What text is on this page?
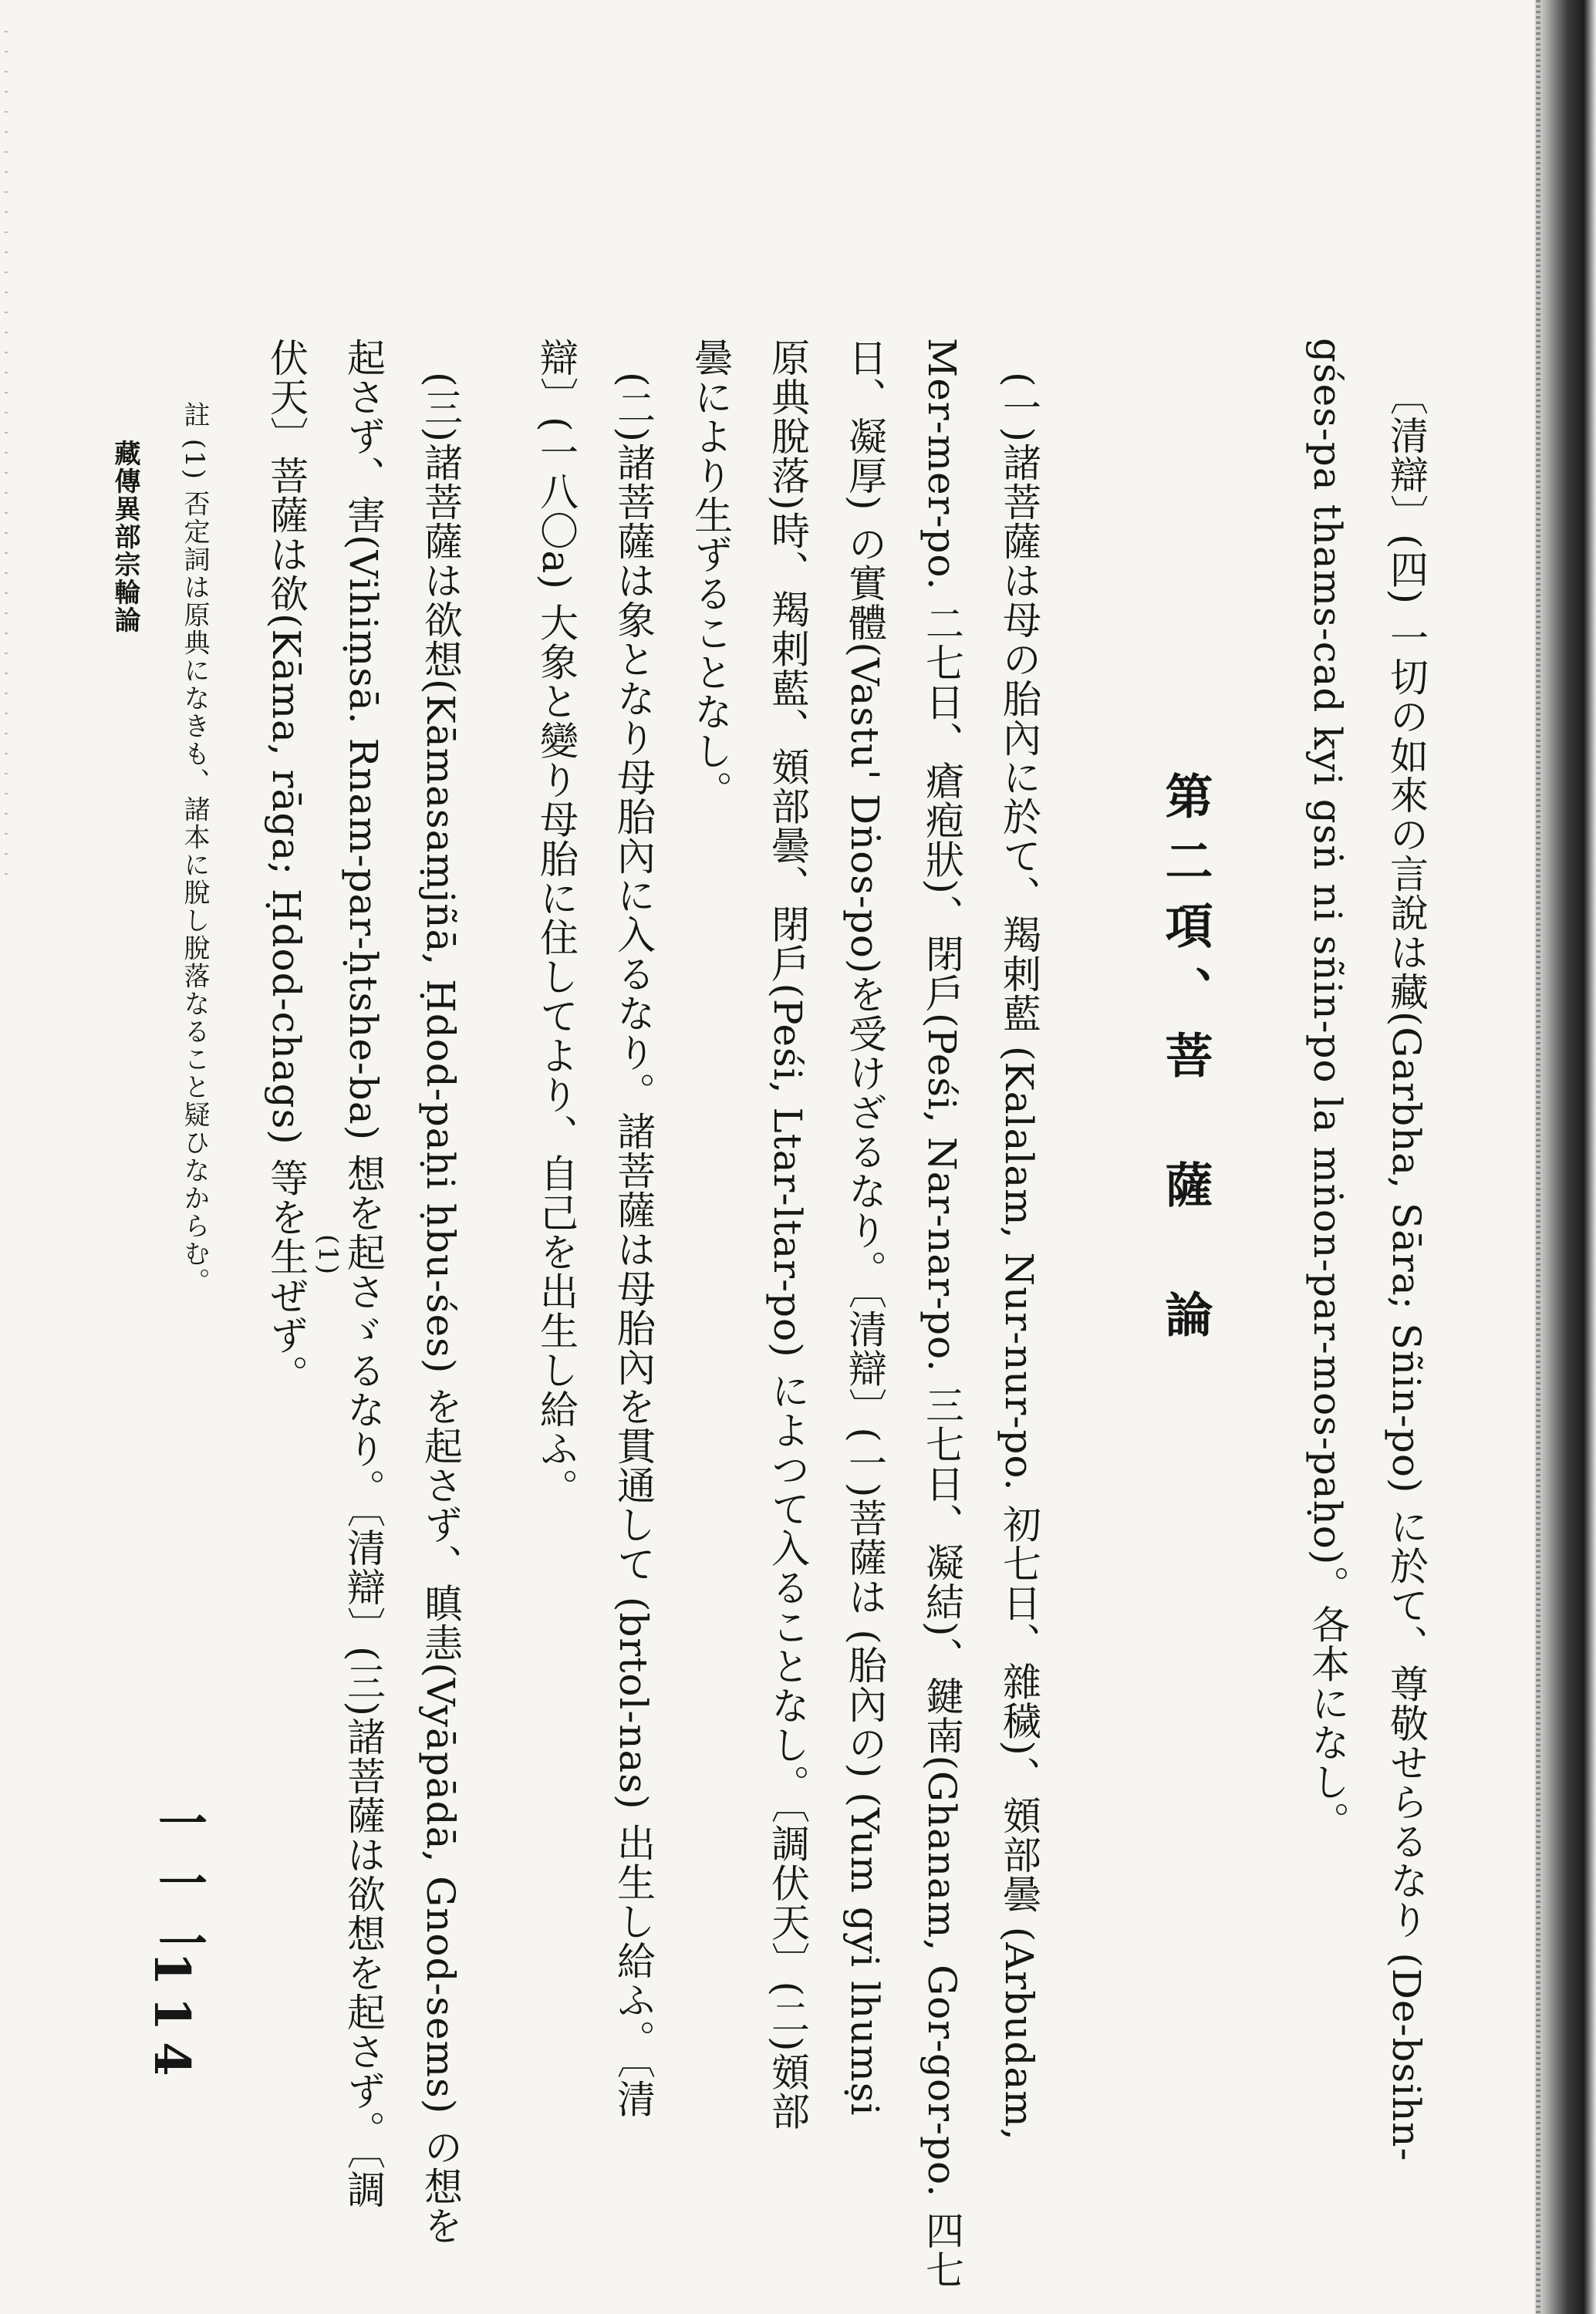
〔清辯〕(四) 一切の如來の言說は藏(Garbha, Sāra; Sñin-po) に於て、尊敬せらるなり (De-bsihn-
gśes-pa thams-cad kyi gsṅ ni sñin-po la mṅon-par-mos-paḥo)。各本になし。
第二項、菩　薩　論
(一)諸菩薩は母の胎內に於て、羯剌藍 (Kalalam, Nur-nur-po. 初七日、雜穢)、頞部曇 (Arbudam,
Mer-mer-po. 二七日、瘡疱狀)、閉戶(Peśi, Nar-nar-po. 三七日、凝結)、鍵南(Ghanam, Gor-gor-po. 四七
日、凝厚) の實體(Vastu' Dṅos-po)を受けざるなり。〔清辯〕(一)菩薩は (胎內の) (Yum gyi lhumṣi
原典脫落)時、羯剌藍、頞部曇、閉戶(Peśi, Ltar-ltar-po) によつて入ることなし。〔調伏天〕(二)頞部
曇により生ずることなし。
(二)諸菩薩は象となり母胎內に入るなり。諸菩薩は母胎內を貫通して (brtol-nas) 出生し給ふ。〔清
辯〕(一八〇a) 大象と變り母胎に住してより、自己を出生し給ふ。
(三)諸菩薩は欲想(Kāmasaṃjñā, Ḥdod-paḥi ḥbu-śes) を起さず、瞋恚(Vyāpādā, Gnod-sems) の想を
起さず、害(Vihiṃsā. Rnam-par-ḥtshe-ba) 想を起さゞるなり。〔清辯〕(三)諸菩薩は欲想を起さず。〔調
伏天〕菩薩は欲(Kāma, rāga; Ḥdod-chags) 等を生ぜず。 (1)
註 (1) 否定詞は原典になきも、諸本に脫し脫落なること疑ひなからむ。
藏傳異部宗輪論
一一一
114
